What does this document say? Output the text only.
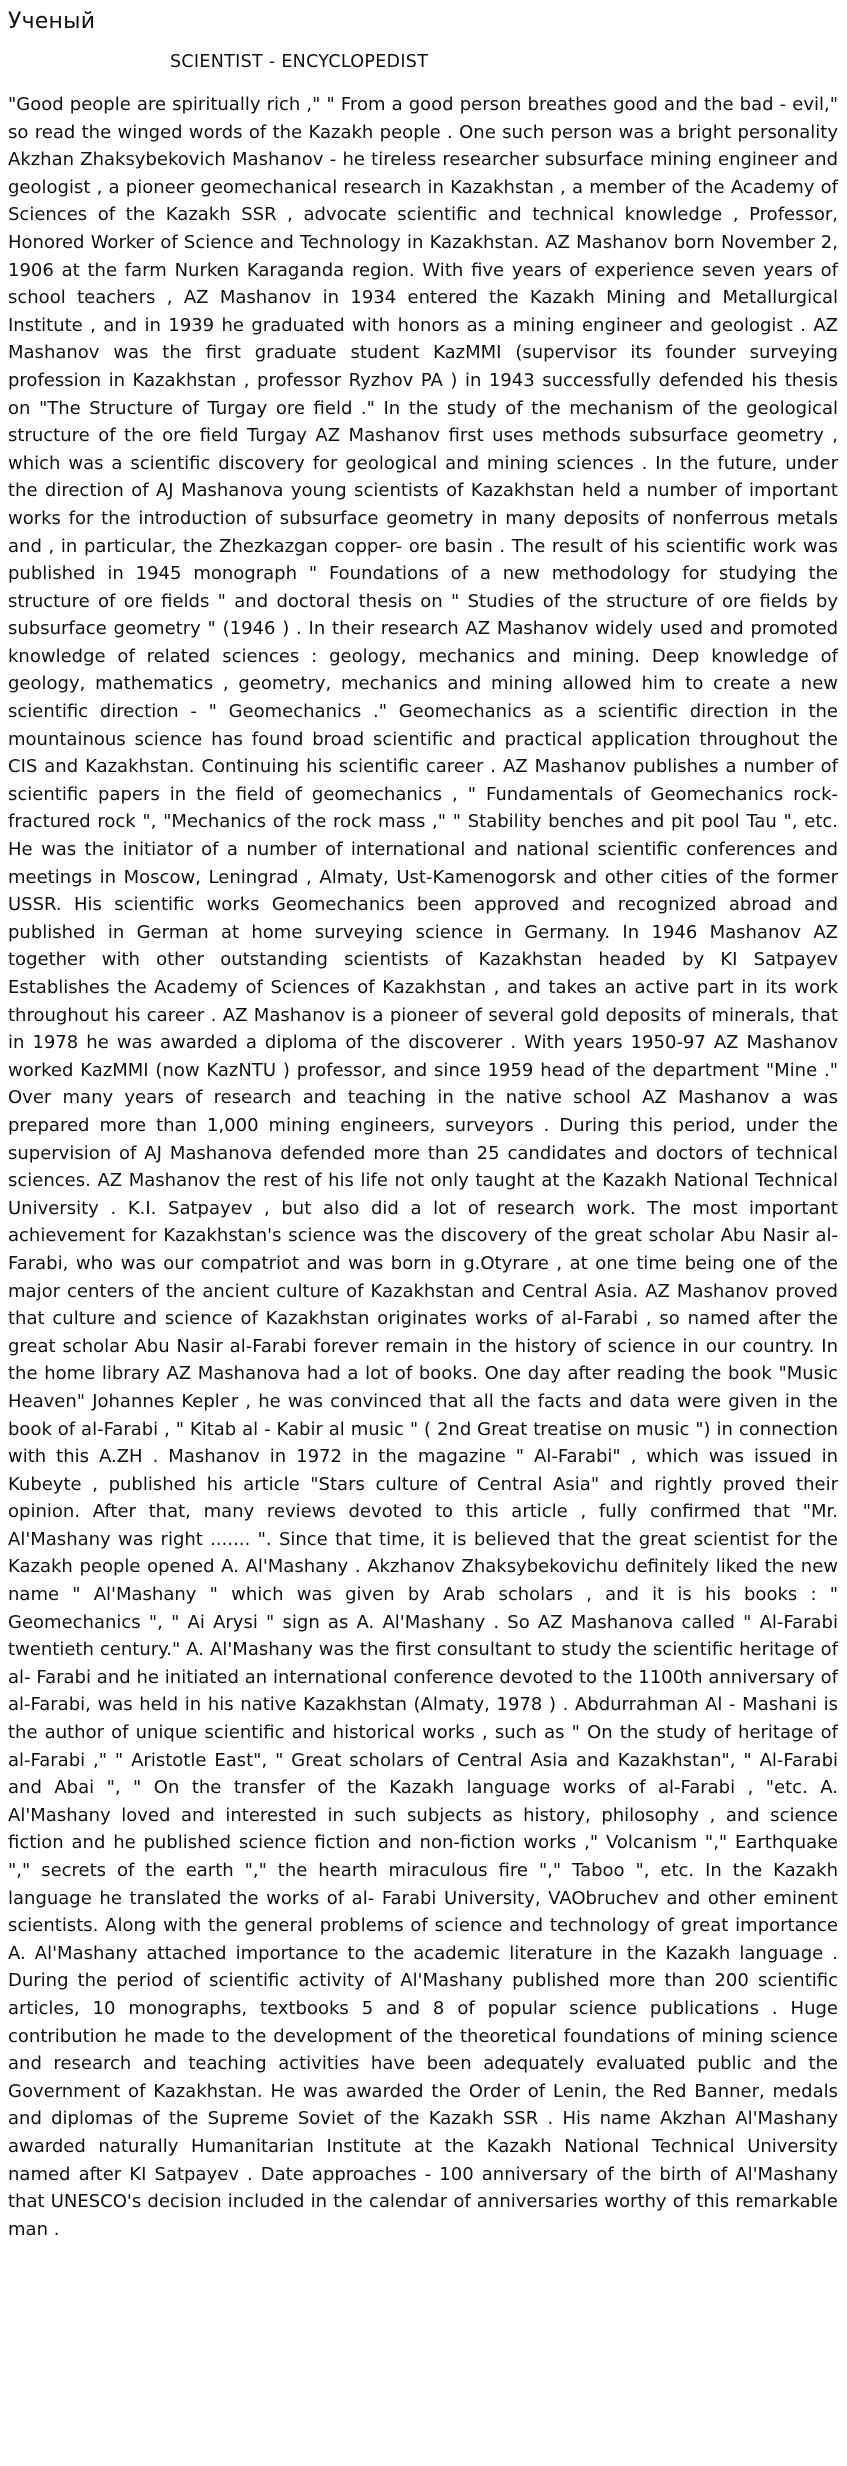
Ученый
SCIENTIST - ENCYCLOPEDIST

"Good people are spiritually rich ," " From a good person breathes good and the bad - evil," so read the winged words of the Kazakh people . One such person was a bright personality Akzhan Zhaksybekovich Mashanov - he tireless researcher subsurface mining engineer and geologist , a pioneer geomechanical research in Kazakhstan , a member of the Academy of Sciences of the Kazakh SSR , advocate scientific and technical knowledge , Professor, Honored Worker of Science and Technology in Kazakhstan. AZ Mashanov born November 2, 1906 at the farm Nurken Karaganda region. With five years of experience seven years of school teachers , AZ Mashanov in 1934 entered the Kazakh Mining and Metallurgical Institute , and in 1939 he graduated with honors as a mining engineer and geologist . AZ Mashanov was the first graduate student KazMMI (supervisor its founder surveying profession in Kazakhstan , professor Ryzhov PA ) in 1943 successfully defended his thesis on "The Structure of Turgay ore field ." In the study of the mechanism of the geological structure of the ore field Turgay AZ Mashanov first uses methods subsurface geometry , which was a scientific discovery for geological and mining sciences . In the future, under the direction of AJ Mashanova young scientists of Kazakhstan held a number of important works for the introduction of subsurface geometry in many deposits of nonferrous metals and , in particular, the Zhezkazgan copper- ore basin . The result of his scientific work was published in 1945 monograph " Foundations of a new methodology for studying the structure of ore fields " and doctoral thesis on " Studies of the structure of ore fields by subsurface geometry " (1946 ) . In their research AZ Mashanov widely used and promoted knowledge of related sciences : geology, mechanics and mining. Deep knowledge of geology, mathematics , geometry, mechanics and mining allowed him to create a new scientific direction - " Geomechanics ." Geomechanics as a scientific direction in the mountainous science has found broad scientific and practical application throughout the CIS and Kazakhstan. Continuing his scientific career . AZ Mashanov publishes a number of scientific papers in the field of geomechanics , " Fundamentals of Geomechanics rock- fractured rock ", "Mechanics of the rock mass ," " Stability benches and pit pool Tau ", etc. He was the initiator of a number of international and national scientific conferences and meetings in Moscow, Leningrad , Almaty, Ust-Kamenogorsk and other cities of the former USSR. His scientific works Geomechanics been approved and recognized abroad and published in German at home surveying science in Germany. In 1946 Mashanov AZ together with other outstanding scientists of Kazakhstan headed by KI Satpayev Establishes the Academy of Sciences of Kazakhstan , and takes an active part in its work throughout his career . AZ Mashanov is a pioneer of several gold deposits of minerals, that in 1978 he was awarded a diploma of the discoverer . With years 1950-97 AZ Mashanov worked KazMMI (now KazNTU ) professor, and since 1959 head of the department "Mine ." Over many years of research and teaching in the native school AZ Mashanov a was prepared more than 1,000 mining engineers, surveyors . During this period, under the supervision of AJ Mashanova defended more than 25 candidates and doctors of technical sciences. AZ Mashanov the rest of his life not only taught at the Kazakh National Technical University . K.I. Satpayev , but also did a lot of research work. The most important achievement for Kazakhstan's science was the discovery of the great scholar Abu Nasir al-Farabi, who was our compatriot and was born in g.Otyrare , at one time being one of the major centers of the ancient culture of Kazakhstan and Central Asia. AZ Mashanov proved that culture and science of Kazakhstan originates works of al-Farabi , so named after the great scholar Abu Nasir al-Farabi forever remain in the history of science in our country. In the home library AZ Mashanova had a lot of books. One day after reading the book "Music Heaven" Johannes Kepler , he was convinced that all the facts and data were given in the book of al-Farabi , " Kitab al - Kabir al music " ( 2nd Great treatise on music ") in connection with this A.ZH . Mashanov in 1972 in the magazine " Al-Farabi" , which was issued in Kubeyte , published his article "Stars culture of Central Asia" and rightly proved their opinion. After that, many reviews devoted to this article , fully confirmed that "Mr. Al'Mashany was right ....... ". Since that time, it is believed that the great scientist for the Kazakh people opened A. Al'Mashany . Akzhanov Zhaksybekovichu definitely liked the new name " Al'Mashany " which was given by Arab scholars , and it is his books : " Geomechanics ", " Ai Arysi " sign as A. Al'Mashany . So AZ Mashanova called " Al-Farabi twentieth century." A. Al'Mashany was the first consultant to study the scientific heritage of al- Farabi and he initiated an international conference devoted to the 1100th anniversary of al-Farabi, was held in his native Kazakhstan (Almaty, 1978 ) . Abdurrahman Al - Mashani is the author of unique scientific and historical works , such as " On the study of heritage of al-Farabi ," " Aristotle East", " Great scholars of Central Asia and Kazakhstan", " Al-Farabi and Abai ", " On the transfer of the Kazakh language works of al-Farabi , "etc. A. Al'Mashany loved and interested in such subjects as history, philosophy , and science fiction and he published science fiction and non-fiction works ," Volcanism "," Earthquake "," secrets of the earth "," the hearth miraculous fire "," Taboo ", etc. In the Kazakh language he translated the works of al- Farabi University, VAObruchev and other eminent scientists. Along with the general problems of science and technology of great importance A. Al'Mashany attached importance to the academic literature in the Kazakh language . During the period of scientific activity of Al'Mashany published more than 200 scientific articles, 10 monographs, textbooks 5 and 8 of popular science publications . Huge contribution he made to the development of the theoretical foundations of mining science and research and teaching activities have been adequately evaluated public and the Government of Kazakhstan. He was awarded the Order of Lenin, the Red Banner, medals and diplomas of the Supreme Soviet of the Kazakh SSR . His name Akzhan Al'Mashany awarded naturally Humanitarian Institute at the Kazakh National Technical University named after KI Satpayev . Date approaches - 100 anniversary of the birth of Al'Mashany that UNESCO's decision included in the calendar of anniversaries worthy of this remarkable man .
